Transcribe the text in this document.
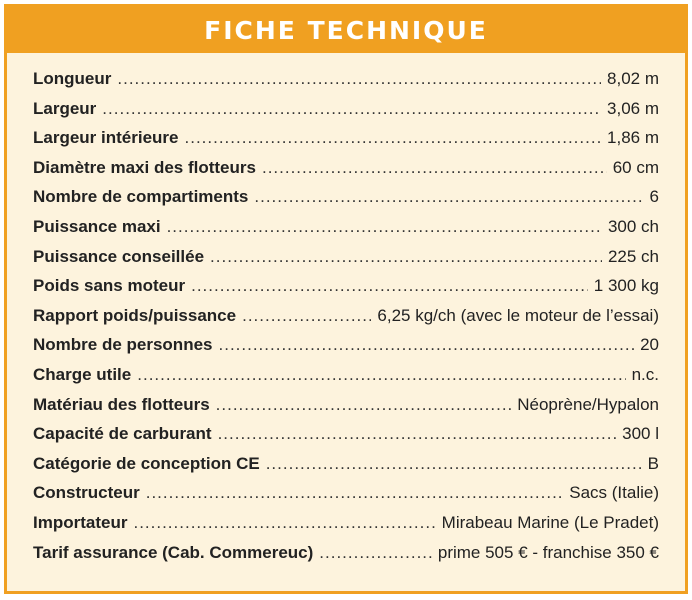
FICHE TECHNIQUE
Longueur .....	8,02 m
Largeur .....	3,06 m
Largeur intérieure .....	1,86 m
Diamètre maxi des flotteurs .....	60 cm
Nombre de compartiments .....	6
Puissance maxi .....	300 ch
Puissance conseillée .....	225 ch
Poids sans moteur .....	1 300 kg
Rapport poids/puissance .....	6,25 kg/ch (avec le moteur de l’essai)
Nombre de personnes .....	20
Charge utile .....	n.c.
Matériau des flotteurs .....	Néoprène/Hypalon
Capacité de carburant .....	300 l
Catégorie de conception CE .....	B
Constructeur .....	Sacs (Italie)
Importateur .....	Mirabeau Marine (Le Pradet)
Tarif assurance (Cab. Commereuc) .....	prime 505 € - franchise 350 €
